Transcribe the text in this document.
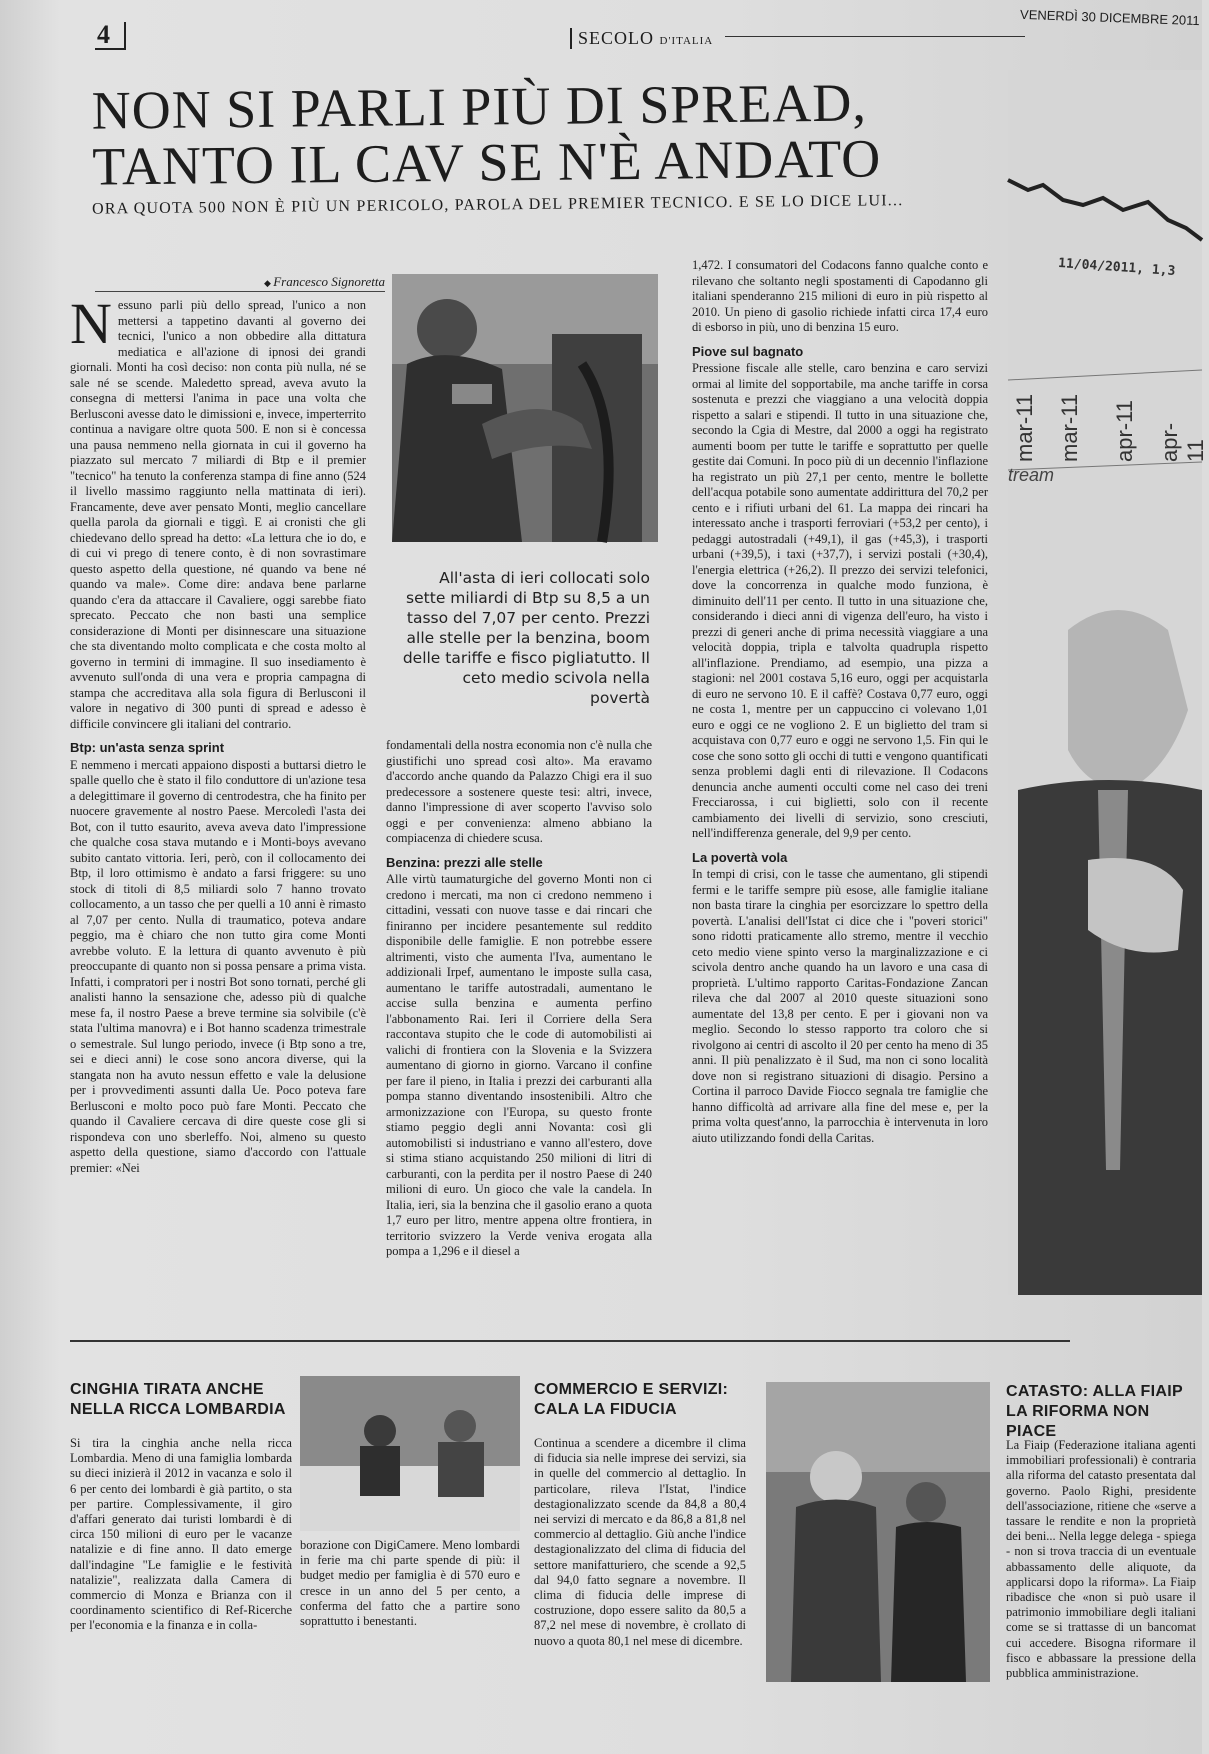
4	SECOLO D'ITALIA
VENERDÌ 30 DICEMBRE 2011
11/04/2011, 1,3
mar-11 mar-11 apr-11 apr-11
tream
NON SI PARLI PIÙ DI SPREAD, TANTO IL CAV SE N'È ANDATO
ORA QUOTA 500 NON È PIÙ UN PERICOLO, PAROLA DEL PREMIER TECNICO. E SE LO DICE LUI...
◆ Francesco Signoretta

Nessuno parli più dello spread, l'unico a non mettersi a tappetino davanti al governo dei tecnici, l'unico a non obbedire alla dittatura mediatica e all'azione di ipnosi dei grandi giornali. Monti ha così deciso: non conta più nulla, né se sale né se scende. Maledetto spread, aveva avuto la consegna di mettersi l'anima in pace una volta che Berlusconi avesse dato le dimissioni e, invece, imperterrito continua a navigare oltre quota 500. E non si è concessa una pausa nemmeno nella giornata in cui il governo ha piazzato sul mercato 7 miliardi di Btp e il premier "tecnico" ha tenuto la conferenza stampa di fine anno (524 il livello massimo raggiunto nella mattinata di ieri). Francamente, deve aver pensato Monti, meglio cancellare quella parola da giornali e tiggì. E ai cronisti che gli chiedevano dello spread ha detto: «La lettura che io do, e di cui vi prego di tenere conto, è di non sovrastimare questo aspetto della questione, né quando va bene né quando va male». Come dire: andava bene parlarne quando c'era da attaccare il Cavaliere, oggi sarebbe fiato sprecato. Peccato che non basti una semplice considerazione di Monti per disinnescare una situazione che sta diventando molto complicata e che costa molto al governo in termini di immagine. Il suo insediamento è avvenuto sull'onda di una vera e propria campagna di stampa che accreditava alla sola figura di Berlusconi il valore in negativo di 300 punti di spread e adesso è difficile convincere gli italiani del contrario.

Btp: un'asta senza sprint

E nemmeno i mercati appaiono disposti a buttarsi dietro le spalle quello che è stato il filo conduttore di un'azione tesa a delegittimare il governo di centrodestra, che ha finito per nuocere gravemente al nostro Paese. Mercoledì l'asta dei Bot, con il tutto esaurito, aveva aveva dato l'impressione che qualche cosa stava mutando e i Monti-boys avevano subito cantato vittoria. Ieri, però, con il collocamento dei Btp, il loro ottimismo è andato a farsi friggere: su uno stock di titoli di 8,5 miliardi solo 7 hanno trovato collocamento, a un tasso che per quelli a 10 anni è rimasto al 7,07 per cento. Nulla di traumatico, poteva andare peggio, ma è chiaro che non tutto gira come Monti avrebbe voluto. E la lettura di quanto avvenuto è più preoccupante di quanto non si possa pensare a prima vista. Infatti, i compratori per i nostri Bot sono tornati, perché gli analisti hanno la sensazione che, adesso più di qualche mese fa, il nostro Paese a breve termine sia solvibile (c'è stata l'ultima manovra) e i Bot hanno scadenza trimestrale o semestrale. Sul lungo periodo, invece (i Btp sono a tre, sei e dieci anni) le cose sono ancora diverse, qui la stangata non ha avuto nessun effetto e vale la delusione per i provvedimenti assunti dalla Ue. Poco poteva fare Berlusconi e molto poco può fare Monti. Peccato che quando il Cavaliere cercava di dire queste cose gli si rispondeva con uno sberleffo. Noi, almeno su questo aspetto della questione, siamo d'accordo con l'attuale premier: «Nei

All'asta di ieri collocati solo sette miliardi di Btp su 8,5 a un tasso del 7,07 per cento. Prezzi alle stelle per la benzina, boom delle tariffe e fisco pigliatutto. Il ceto medio scivola nella povertà

fondamentali della nostra economia non c'è nulla che giustifichi uno spread così alto». Ma eravamo d'accordo anche quando da Palazzo Chigi era il suo predecessore a sostenere queste tesi: altri, invece, danno l'impressione di aver scoperto l'avviso solo oggi e per convenienza: almeno abbiano la compiacenza di chiedere scusa.

Benzina: prezzi alle stelle

Alle virtù taumaturgiche del governo Monti non ci credono i mercati, ma non ci credono nemmeno i cittadini, vessati con nuove tasse e dai rincari che finiranno per incidere pesantemente sul reddito disponibile delle famiglie. E non potrebbe essere altrimenti, visto che aumenta l'Iva, aumentano le addizionali Irpef, aumentano le imposte sulla casa, aumentano le tariffe autostradali, aumentano le accise sulla benzina e aumenta perfino l'abbonamento Rai. Ieri il Corriere della Sera raccontava stupito che le code di automobilisti ai valichi di frontiera con la Slovenia e la Svizzera aumentano di giorno in giorno. Varcano il confine per fare il pieno, in Italia i prezzi dei carburanti alla pompa stanno diventando insostenibili. Altro che armonizzazione con l'Europa, su questo fronte stiamo peggio degli anni Novanta: così gli automobilisti si industriano e vanno all'estero, dove si stima stiano acquistando 250 milioni di litri di carburanti, con la perdita per il nostro Paese di 240 milioni di euro. Un gioco che vale la candela. In Italia, ieri, sia la benzina che il gasolio erano a quota 1,7 euro per litro, mentre appena oltre frontiera, in territorio svizzero la Verde veniva erogata alla pompa a 1,296 e il diesel a

1,472. I consumatori del Codacons fanno qualche conto e rilevano che soltanto negli spostamenti di Capodanno gli italiani spenderanno 215 milioni di euro in più rispetto al 2010. Un pieno di gasolio richiede infatti circa 17,4 euro di esborso in più, uno di benzina 15 euro.

Piove sul bagnato

Pressione fiscale alle stelle, caro benzina e caro servizi ormai al limite del sopportabile, ma anche tariffe in corsa sostenuta e prezzi che viaggiano a una velocità doppia rispetto a salari e stipendi. Il tutto in una situazione che, secondo la Cgia di Mestre, dal 2000 a oggi ha registrato aumenti boom per tutte le tariffe e soprattutto per quelle gestite dai Comuni. In poco più di un decennio l'inflazione ha registrato un più 27,1 per cento, mentre le bollette dell'acqua potabile sono aumentate addirittura del 70,2 per cento e i rifiuti urbani del 61. La mappa dei rincari ha interessato anche i trasporti ferroviari (+53,2 per cento), i pedaggi autostradali (+49,1), il gas (+45,3), i trasporti urbani (+39,5), i taxi (+37,7), i servizi postali (+30,4), l'energia elettrica (+26,2). Il prezzo dei servizi telefonici, dove la concorrenza in qualche modo funziona, è diminuito dell'11 per cento. Il tutto in una situazione che, considerando i dieci anni di vigenza dell'euro, ha visto i prezzi di generi anche di prima necessità viaggiare a una velocità doppia, tripla e talvolta quadrupla rispetto all'inflazione. Prendiamo, ad esempio, una pizza a stagioni: nel 2001 costava 5,16 euro, oggi per acquistarla di euro ne servono 10. E il caffè? Costava 0,77 euro, oggi ne costa 1, mentre per un cappuccino ci volevano 1,01 euro e oggi ce ne vogliono 2. E un biglietto del tram si acquistava con 0,77 euro e oggi ne servono 1,5. Fin qui le cose che sono sotto gli occhi di tutti e vengono quantificati senza problemi dagli enti di rilevazione. Il Codacons denuncia anche aumenti occulti come nel caso dei treni Frecciarossa, i cui biglietti, solo con il recente cambiamento dei livelli di servizio, sono cresciuti, nell'indifferenza generale, del 9,9 per cento.

La povertà vola

In tempi di crisi, con le tasse che aumentano, gli stipendi fermi e le tariffe sempre più esose, alle famiglie italiane non basta tirare la cinghia per esorcizzare lo spettro della povertà. L'analisi dell'Istat ci dice che i "poveri storici" sono ridotti praticamente allo stremo, mentre il vecchio ceto medio viene spinto verso la marginalizzazione e ci scivola dentro anche quando ha un lavoro e una casa di proprietà. L'ultimo rapporto Caritas-Fondazione Zancan rileva che dal 2007 al 2010 queste situazioni sono aumentate del 13,8 per cento. E per i giovani non va meglio. Secondo lo stesso rapporto tra coloro che si rivolgono ai centri di ascolto il 20 per cento ha meno di 35 anni. Il più penalizzato è il Sud, ma non ci sono località dove non si registrano situazioni di disagio. Persino a Cortina il parroco Davide Fiocco segnala tre famiglie che hanno difficoltà ad arrivare alla fine del mese e, per la prima volta quest'anno, la parrocchia è intervenuta in loro aiuto utilizzando fondi della Caritas.

CINGHIA TIRATA ANCHE NELLA RICCA LOMBARDIA

Si tira la cinghia anche nella ricca Lombardia. Meno di una famiglia lombarda su dieci inizierà il 2012 in vacanza e solo il 6 per cento dei lombardi è già partito, o sta per partire. Complessivamente, il giro d'affari generato dai turisti lombardi è di circa 150 milioni di euro per le vacanze natalizie e di fine anno. Il dato emerge dall'indagine "Le famiglie e le festività natalizie", realizzata dalla Camera di commercio di Monza e Brianza con il coordinamento scientifico di Ref-Ricerche per l'economia e la finanza e in colla-

borazione con DigiCamere. Meno lombardi in ferie ma chi parte spende di più: il budget medio per famiglia è di 570 euro e cresce in un anno del 5 per cento, a conferma del fatto che a partire sono soprattutto i benestanti.

COMMERCIO E SERVIZI: CALA LA FIDUCIA

Continua a scendere a dicembre il clima di fiducia sia nelle imprese dei servizi, sia in quelle del commercio al dettaglio. In particolare, rileva l'Istat, l'indice destagionalizzato scende da 84,8 a 80,4 nei servizi di mercato e da 86,8 a 81,8 nel commercio al dettaglio. Giù anche l'indice destagionalizzato del clima di fiducia del settore manifatturiero, che scende a 92,5 dal 94,0 fatto segnare a novembre. Il clima di fiducia delle imprese di costruzione, dopo essere salito da 80,5 a 87,2 nel mese di novembre, è crollato di nuovo a quota 80,1 nel mese di dicembre.

CATASTO: ALLA FIAIP LA RIFORMA NON PIACE

La Fiaip (Federazione italiana agenti immobiliari professionali) è contraria alla riforma del catasto presentata dal governo. Paolo Righi, presidente dell'associazione, ritiene che «serve a tassare le rendite e non la proprietà dei beni... Nella legge delega - spiega - non si trova traccia di un eventuale abbassamento delle aliquote, da applicarsi dopo la riforma». La Fiaip ribadisce che «non si può usare il patrimonio immobiliare degli italiani come se si trattasse di un bancomat cui accedere. Bisogna riformare il fisco e abbassare la pressione della pubblica amministrazione.
